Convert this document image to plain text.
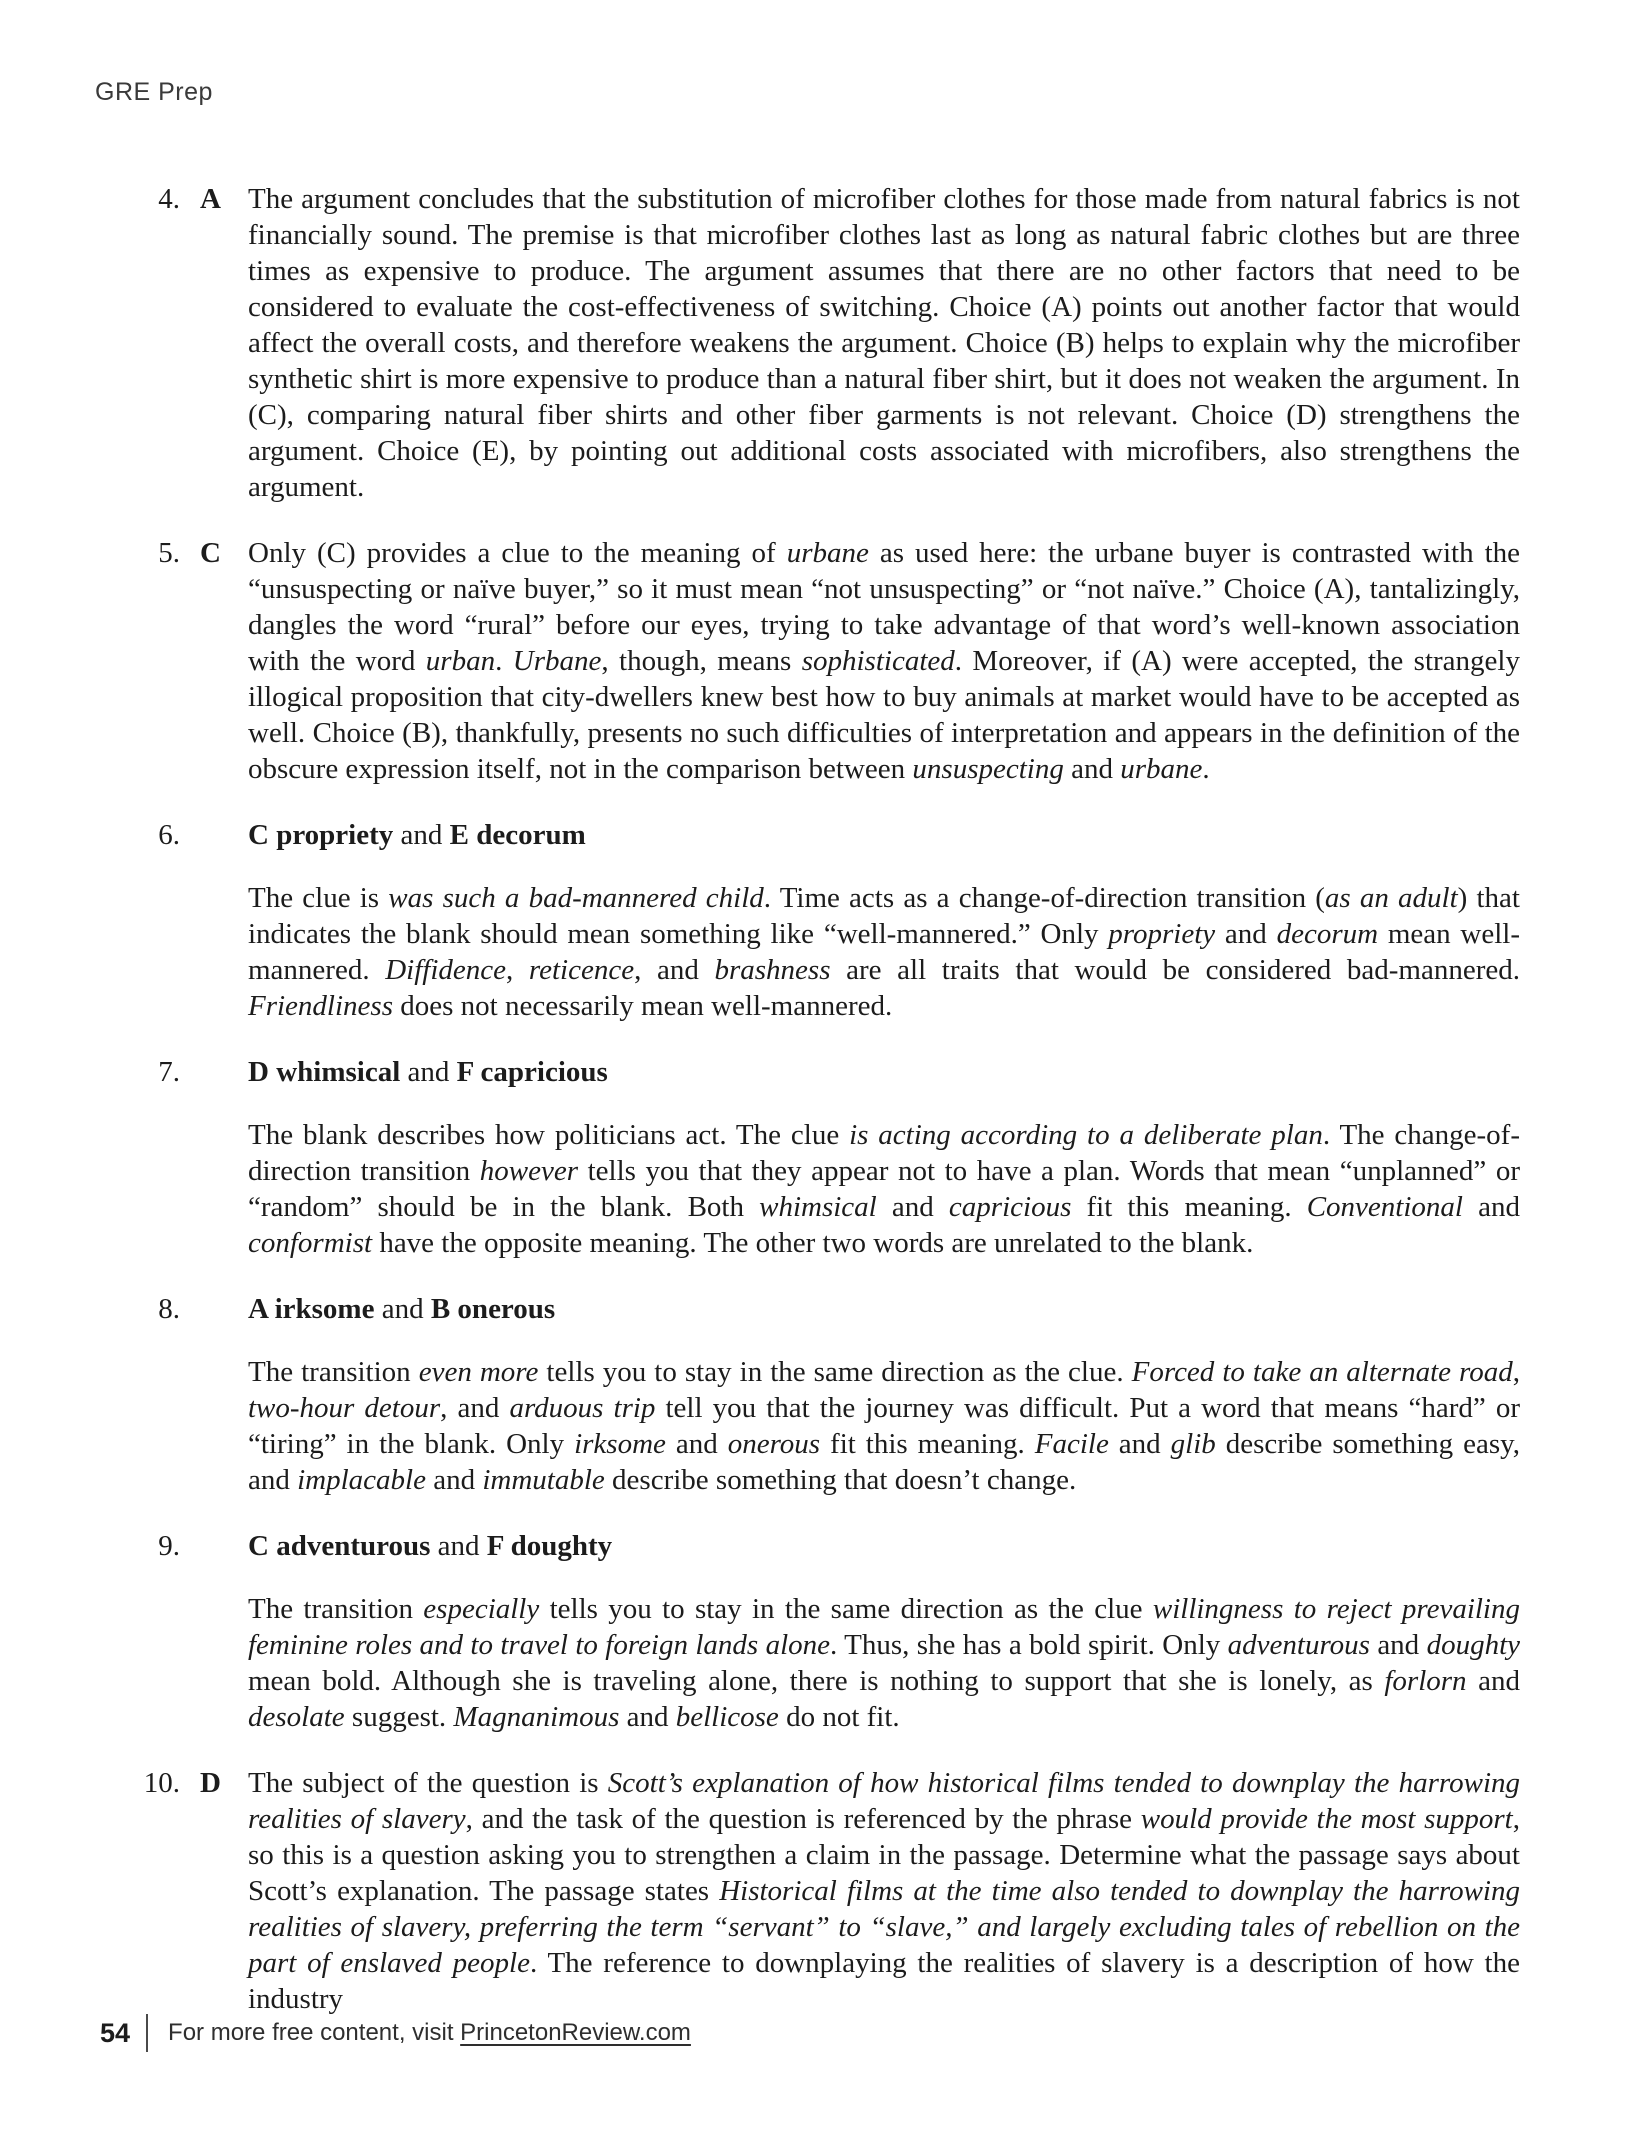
GRE Prep
4. A The argument concludes that the substitution of microfiber clothes for those made from natural fabrics is not financially sound. The premise is that microfiber clothes last as long as natural fabric clothes but are three times as expensive to produce. The argument assumes that there are no other factors that need to be considered to evaluate the cost-effectiveness of switching. Choice (A) points out another factor that would affect the overall costs, and therefore weakens the argument. Choice (B) helps to explain why the microfiber synthetic shirt is more expensive to produce than a natural fiber shirt, but it does not weaken the argument. In (C), comparing natural fiber shirts and other fiber garments is not relevant. Choice (D) strengthens the argument. Choice (E), by pointing out additional costs associated with microfibers, also strengthens the argument.

5. C Only (C) provides a clue to the meaning of urbane as used here: the urbane buyer is contrasted with the “unsuspecting or naïve buyer,” so it must mean “not unsuspecting” or “not naïve.” Choice (A), tantalizingly, dangles the word “rural” before our eyes, trying to take advantage of that word’s well-known association with the word urban. Urbane, though, means sophisticated. Moreover, if (A) were accepted, the strangely illogical proposition that city-dwellers knew best how to buy animals at market would have to be accepted as well. Choice (B), thankfully, presents no such difficulties of interpretation and appears in the definition of the obscure expression itself, not in the comparison between unsuspecting and urbane.

6. C propriety and E decorum

The clue is was such a bad-mannered child. Time acts as a change-of-direction transition (as an adult) that indicates the blank should mean something like “well-mannered.” Only propriety and decorum mean well-mannered. Diffidence, reticence, and brashness are all traits that would be considered bad-mannered. Friendliness does not necessarily mean well-mannered.

7. D whimsical and F capricious

The blank describes how politicians act. The clue is acting according to a deliberate plan. The change-of-direction transition however tells you that they appear not to have a plan. Words that mean “unplanned” or “random” should be in the blank. Both whimsical and capricious fit this meaning. Conventional and conformist have the opposite meaning. The other two words are unrelated to the blank.

8. A irksome and B onerous

The transition even more tells you to stay in the same direction as the clue. Forced to take an alternate road, two-hour detour, and arduous trip tell you that the journey was difficult. Put a word that means “hard” or “tiring” in the blank. Only irksome and onerous fit this meaning. Facile and glib describe something easy, and implacable and immutable describe something that doesn’t change.

9. C adventurous and F doughty

The transition especially tells you to stay in the same direction as the clue willingness to reject prevailing feminine roles and to travel to foreign lands alone. Thus, she has a bold spirit. Only adventurous and doughty mean bold. Although she is traveling alone, there is nothing to support that she is lonely, as forlorn and desolate suggest. Magnanimous and bellicose do not fit.

10. D The subject of the question is Scott’s explanation of how historical films tended to downplay the harrowing realities of slavery, and the task of the question is referenced by the phrase would provide the most support, so this is a question asking you to strengthen a claim in the passage. Determine what the passage says about Scott’s explanation. The passage states Historical films at the time also tended to downplay the harrowing realities of slavery, preferring the term “servant” to “slave,” and largely excluding tales of rebellion on the part of enslaved people. The reference to downplaying the realities of slavery is a description of how the industry

54 For more free content, visit PrincetonReview.com
